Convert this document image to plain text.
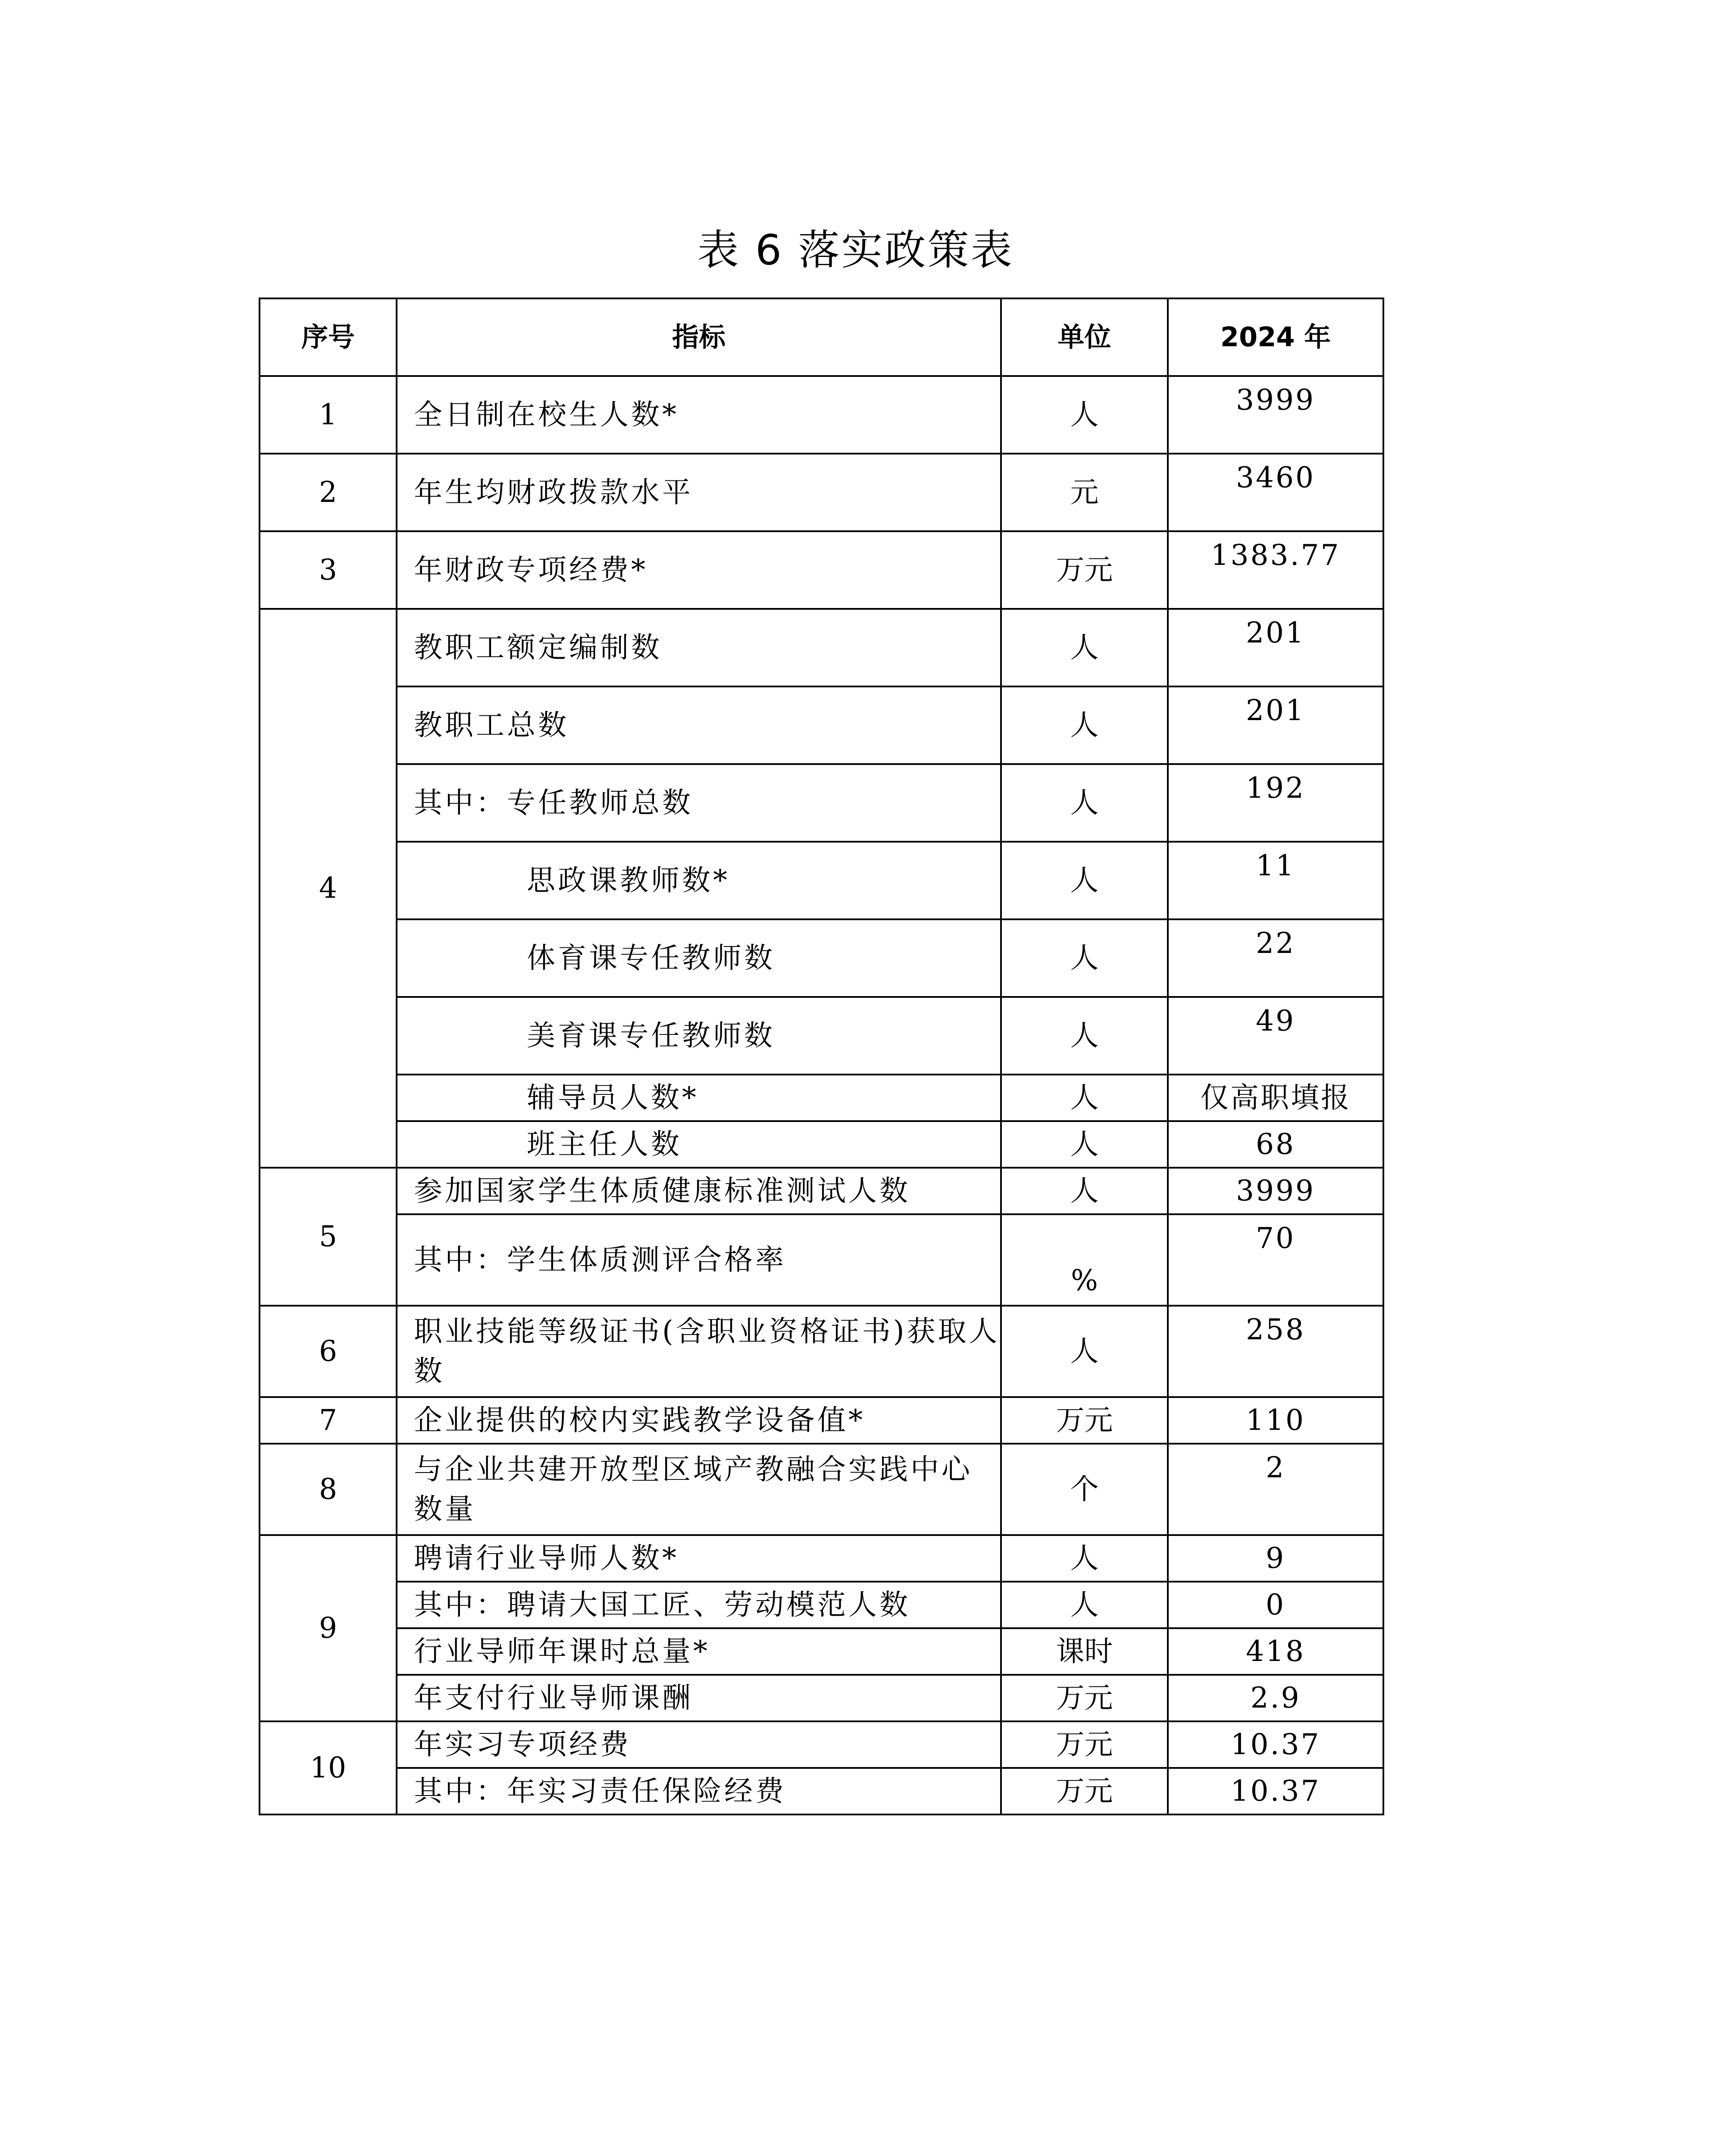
表 6 落实政策表
序号	指标	单位	2024 年
1	全日制在校生人数*	人	3999
2	年生均财政拨款水平	元	3460
3	年财政专项经费*	万元	1383.77
4	教职工额定编制数	人	201
	教职工总数	人	201
	其中：专任教师总数	人	192
	思政课教师数*	人	11
	体育课专任教师数	人	22
	美育课专任教师数	人	49
	辅导员人数*	人	仅高职填报
	班主任人数	人	68
5	参加国家学生体质健康标准测试人数	人	3999
	其中：学生体质测评合格率	%	70
6	职业技能等级证书(含职业资格证书)获取人数	人	258
7	企业提供的校内实践教学设备值*	万元	110
8	与企业共建开放型区域产教融合实践中心数量	个	2
9	聘请行业导师人数*	人	9
	其中：聘请大国工匠、劳动模范人数	人	0
	行业导师年课时总量*	课时	418
	年支付行业导师课酬	万元	2.9
10	年实习专项经费	万元	10.37
	其中：年实习责任保险经费	万元	10.37
